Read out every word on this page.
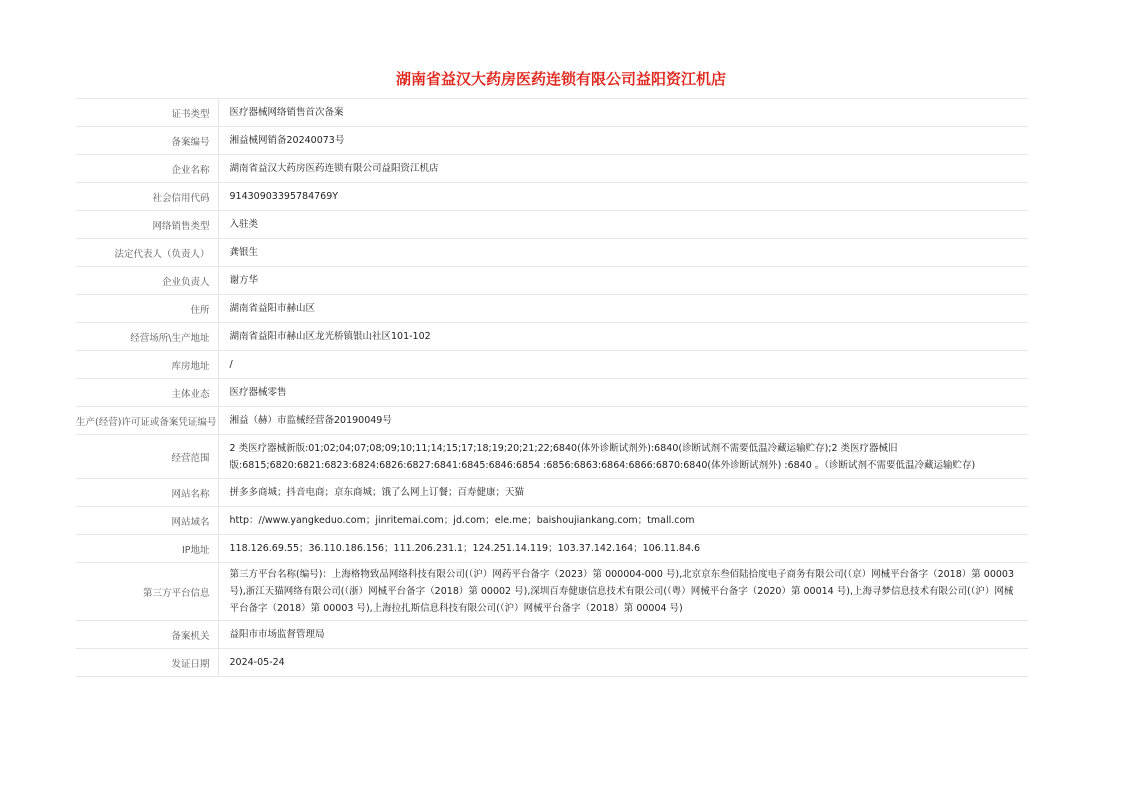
湖南省益汉大药房医药连锁有限公司益阳资江机店
证书类型	医疗器械网络销售首次备案
备案编号	湘益械网销备20240073号
企业名称	湖南省益汉大药房医药连锁有限公司益阳资江机店
社会信用代码	91430903395784769Y
网络销售类型	入驻类
法定代表人（负责人）	龚银生
企业负责人	谢方华
住所	湖南省益阳市赫山区
经营场所\生产地址	湖南省益阳市赫山区龙光桥镇银山社区101-102
库房地址	/
主体业态	医疗器械零售
生产(经营)许可证或备案凭证编号	湘益（赫）市监械经营备20190049号
经营范围	2 类医疗器械新版:01;02;04;07;08;09;10;11;14;15;17;18;19;20;21;22;6840(体外诊断试剂外):6840(诊断试剂不需要低温冷藏运输贮存);2 类医疗器械旧版:6815;6820:6821:6823:6824:6826:6827:6841:6845:6846:6854 :6856:6863:6864:6866:6870:6840(体外诊断试剂外) :6840 。（诊断试剂不需要低温冷藏运输贮存)
网站名称	拼多多商城；抖音电商；京东商城；饿了么网上订餐；百寿健康；天猫
网站域名	http：//www.yangkeduo.com；jinritemai.com；jd.com；ele.me；baishoujiankang.com；tmall.com
IP地址	118.126.69.55；36.110.186.156；111.206.231.1；124.251.14.119；103.37.142.164；106.11.84.6
第三方平台信息	第三方平台名称(编号)：上海格物致品网络科技有限公司(（沪）网药平台备字（2023）第 000004-000 号),北京京东叁佰陆拾度电子商务有限公司(（京）网械平台备字（2018）第 00003 号),浙江天猫网络有限公司(（浙）网械平台备字（2018）第 00002 号),深圳百寿健康信息技术有限公司(（粤）网械平台备字（2020）第 00014 号),上海寻梦信息技术有限公司(（沪）网械平台备字（2018）第 00003 号),上海拉扎斯信息科技有限公司(（沪）网械平台备字（2018）第 00004 号)
备案机关	益阳市市场监督管理局
发证日期	2024-05-24
